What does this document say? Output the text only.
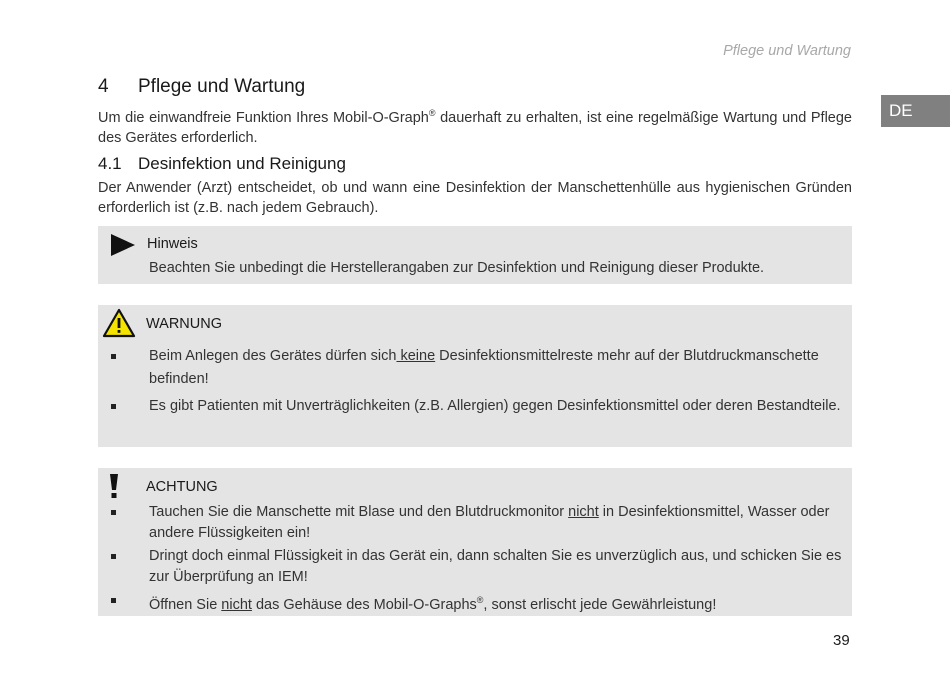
Pflege und Wartung
DE
4	Pflege und Wartung

Um die einwandfreie Funktion Ihres Mobil-O-Graph® dauerhaft zu erhalten, ist eine regelmäßige Wartung und Pflege des Gerätes erforderlich.

4.1 Desinfektion und Reinigung

Der Anwender (Arzt) entscheidet, ob und wann eine Desinfektion der Manschettenhülle aus hygienischen Gründen erforderlich ist (z.B. nach jedem Gebrauch).

Hinweis
Beachten Sie unbedingt die Herstellerangaben zur Desinfektion und Reinigung dieser Produkte.
WARNUNG
Beim Anlegen des Gerätes dürfen sich keine Desinfektionsmittelreste mehr auf der Blutdruckmanschette befinden!
Es gibt Patienten mit Unverträglichkeiten (z.B. Allergien) gegen Desinfektionsmittel oder deren Bestandteile.
ACHTUNG
Tauchen Sie die Manschette mit Blase und den Blutdruckmonitor nicht in Desinfektionsmittel, Wasser oder andere Flüssigkeiten ein!
Dringt doch einmal Flüssigkeit in das Gerät ein, dann schalten Sie es unverzüglich aus, und schicken Sie es zur Überprüfung an IEM!
Öffnen Sie nicht das Gehäuse des Mobil-O-Graphs®, sonst erlischt jede Gewährleistung!
39
